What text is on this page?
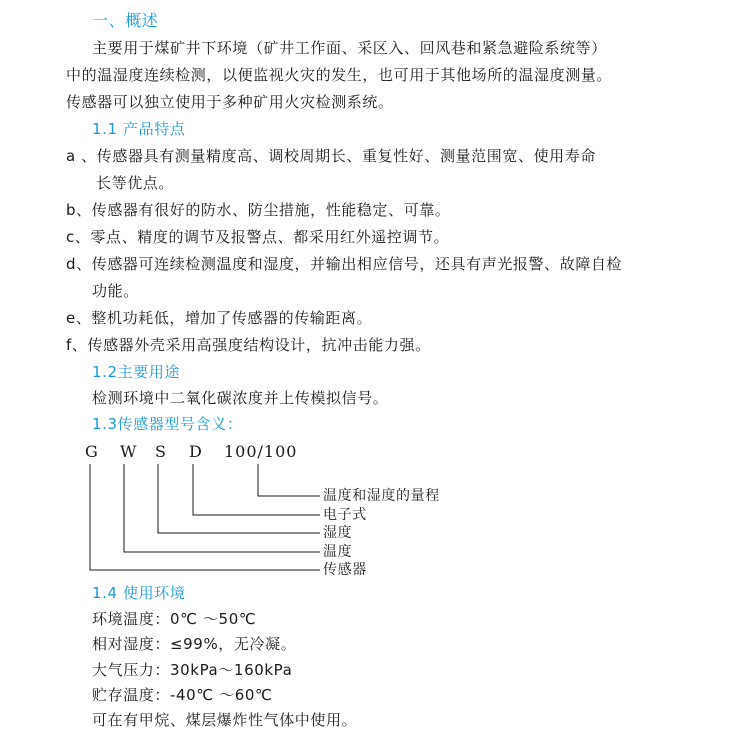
一、概述
主要用于煤矿井下环境（矿井工作面、采区入、回风巷和紧急避险系统等）
中的温湿度连续检测，以便监视火灾的发生，也可用于其他场所的温湿度测量。
传感器可以独立使用于多种矿用火灾检测系统。
1.1 产品特点
a 、传感器具有测量精度高、调校周期长、重复性好、测量范围宽、使用寿命
长等优点。
b、传感器有很好的防水、防尘措施，性能稳定、可靠。
c、零点、精度的调节及报警点、都采用红外遥控调节。
d、传感器可连续检测温度和湿度，并输出相应信号，还具有声光报警、故障自检
功能。
e、整机功耗低，增加了传感器的传输距离。
f、传感器外壳采用高强度结构设计，抗冲击能力强。
1.2主要用途
检测环境中二氧化碳浓度并上传模拟信号。
1.3传感器型号含义：
G W S D 100/100
温度和湿度的量程
电子式
湿度
温度
传感器
1.4 使用环境
环境温度：0℃ ～50℃
相对湿度：≤99%，无冷凝。
大气压力：30kPa～160kPa
贮存温度：-40℃ ～60℃
可在有甲烷、煤层爆炸性气体中使用。
